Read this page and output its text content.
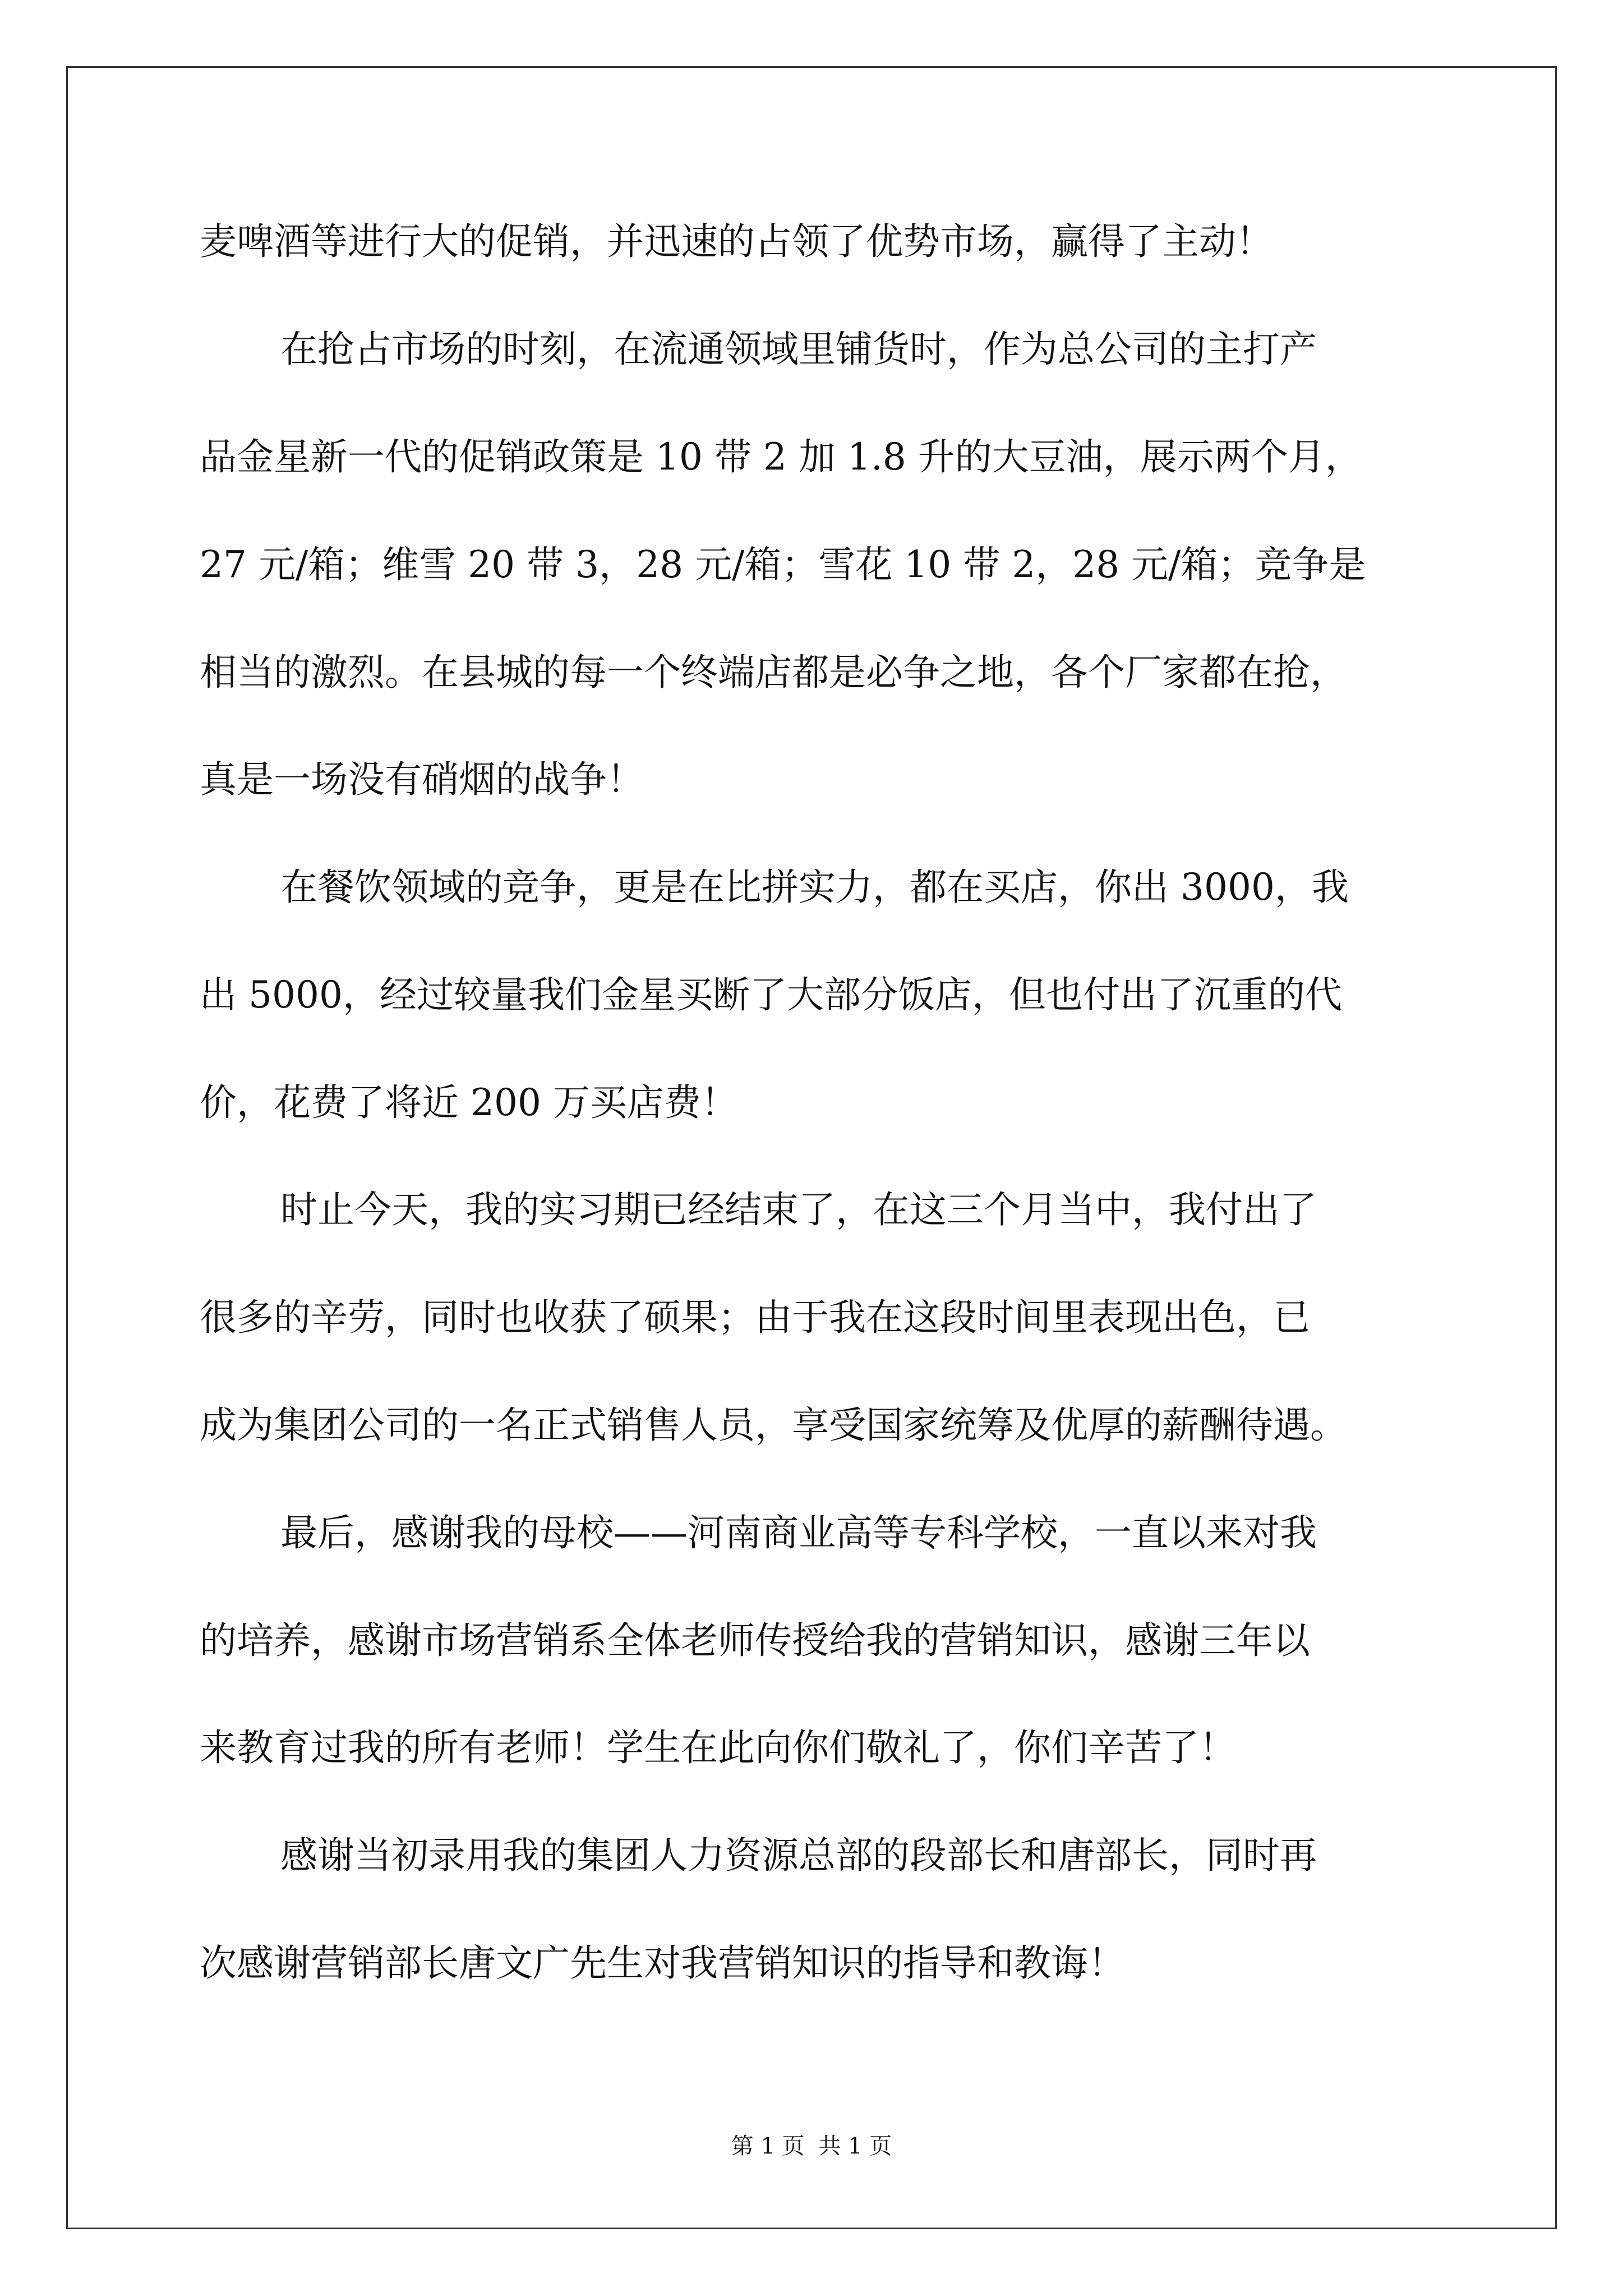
麦啤酒等进行大的促销，并迅速的占领了优势市场，赢得了主动！

在抢占市场的时刻，在流通领域里铺货时，作为总公司的主打产

品金星新一代的促销政策是 10 带 2 加 1.8 升的大豆油，展示两个月，

27 元/箱；维雪 20 带 3，28 元/箱；雪花 10 带 2，28 元/箱；竞争是

相当的激烈。在县城的每一个终端店都是必争之地，各个厂家都在抢，

真是一场没有硝烟的战争！

在餐饮领域的竞争，更是在比拼实力，都在买店，你出 3000，我

出 5000，经过较量我们金星买断了大部分饭店，但也付出了沉重的代

价，花费了将近 200 万买店费！

时止今天，我的实习期已经结束了，在这三个月当中，我付出了

很多的辛劳，同时也收获了硕果；由于我在这段时间里表现出色，已

成为集团公司的一名正式销售人员，享受国家统筹及优厚的薪酬待遇。

最后，感谢我的母校——河南商业高等专科学校，一直以来对我

的培养，感谢市场营销系全体老师传授给我的营销知识，感谢三年以

来教育过我的所有老师！学生在此向你们敬礼了，你们辛苦了！

感谢当初录用我的集团人力资源总部的段部长和唐部长，同时再

次感谢营销部长唐文广先生对我营销知识的指导和教诲！

第 1 页 共 1 页
